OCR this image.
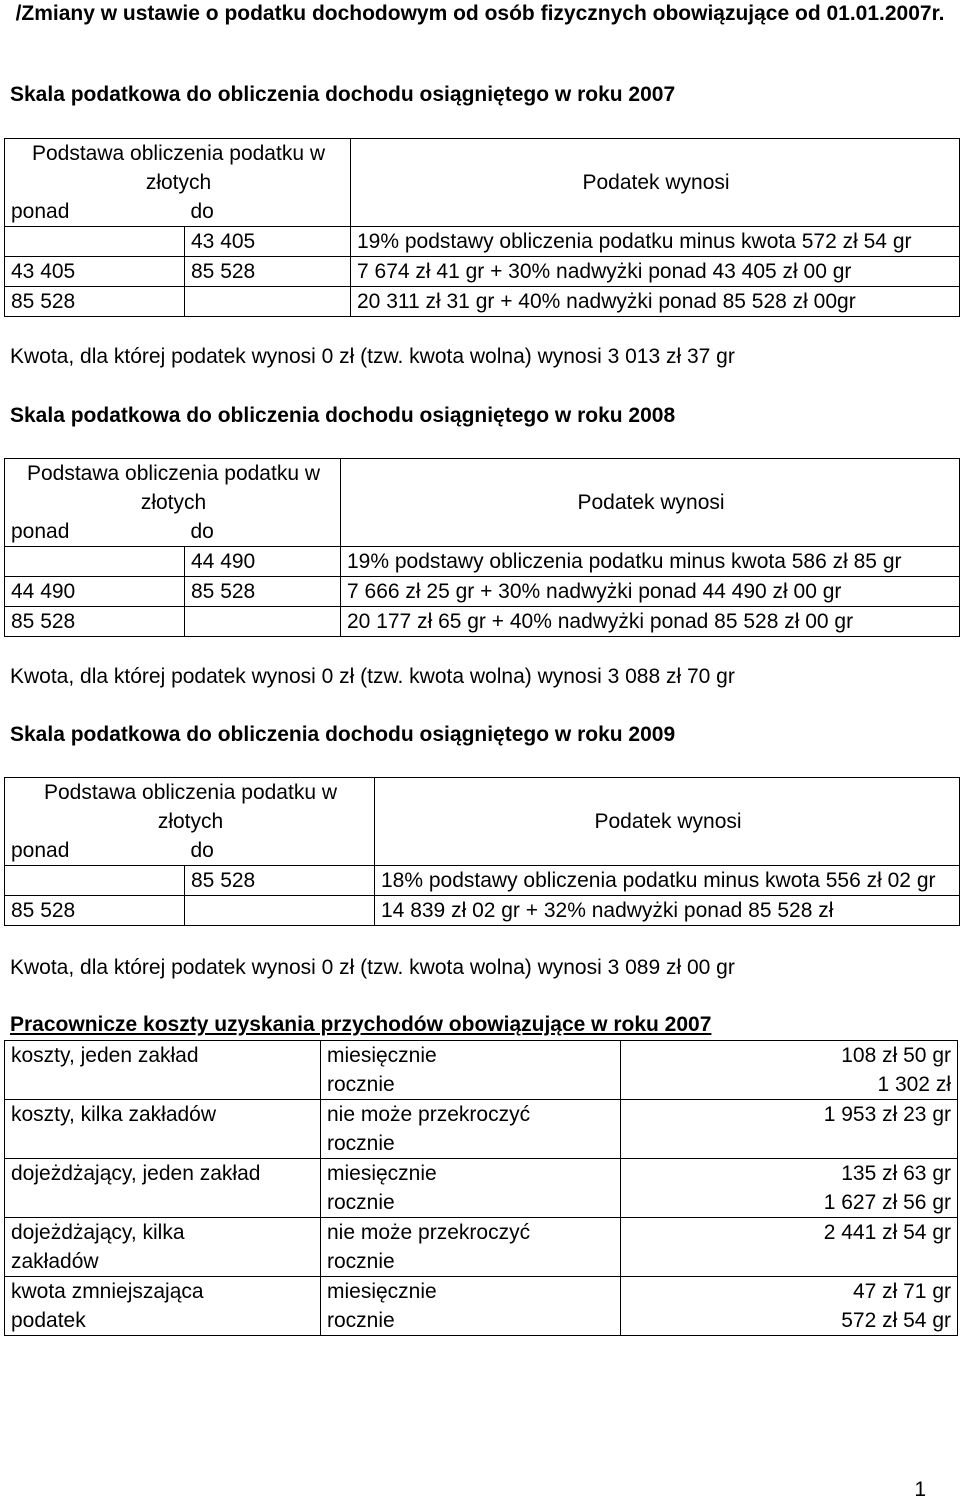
/Zmiany w ustawie o podatku dochodowym od osób fizycznych obowiązujące od 01.01.2007r.
Skala podatkowa do obliczenia dochodu osiągniętego w roku 2007
Podstawa obliczenia podatku w złotych		Podatek wynosi
ponad	do	
	43 405	19% podstawy obliczenia podatku minus kwota 572 zł 54 gr
43 405	85 528	7 674 zł 41 gr + 30% nadwyżki ponad 43 405 zł 00 gr
85 528		20 311 zł 31 gr + 40% nadwyżki ponad 85 528 zł 00gr
Kwota, dla której podatek wynosi 0 zł (tzw. kwota wolna) wynosi 3 013 zł 37 gr
Skala podatkowa do obliczenia dochodu osiągniętego w roku 2008
Podstawa obliczenia podatku w złotych		Podatek wynosi
ponad	do	
	44 490	19% podstawy obliczenia podatku minus kwota 586 zł 85 gr
44 490	85 528	7 666 zł 25 gr + 30% nadwyżki ponad 44 490 zł 00 gr
85 528		20 177 zł 65 gr + 40% nadwyżki ponad 85 528 zł 00 gr
Kwota, dla której podatek wynosi 0 zł (tzw. kwota wolna) wynosi 3 088 zł 70 gr
Skala podatkowa do obliczenia dochodu osiągniętego w roku 2009
Podstawa obliczenia podatku w złotych		Podatek wynosi
ponad	do	
	85 528	18% podstawy obliczenia podatku minus kwota 556 zł 02 gr
85 528		14 839 zł 02 gr + 32% nadwyżki ponad 85 528 zł
Kwota, dla której podatek wynosi 0 zł (tzw. kwota wolna) wynosi 3 089 zł 00 gr
Pracownicze koszty uzyskania przychodów obowiązujące w roku 2007
koszty, jeden zakład	miesięcznie	108 zł 50 gr
	rocznie	1 302 zł
koszty, kilka zakładów	nie może przekroczyć rocznie	1 953 zł 23 gr
dojeżdżający, jeden zakład	miesięcznie	135 zł 63 gr
	rocznie	1 627 zł 56 gr

dojeżdżający, kilka zakładów	nie może przekroczyć rocznie	2 441 zł 54 gr

kwota zmniejszająca podatek	miesięcznie	47 zł 71 gr
	rocznie	572 zł 54 gr
1
